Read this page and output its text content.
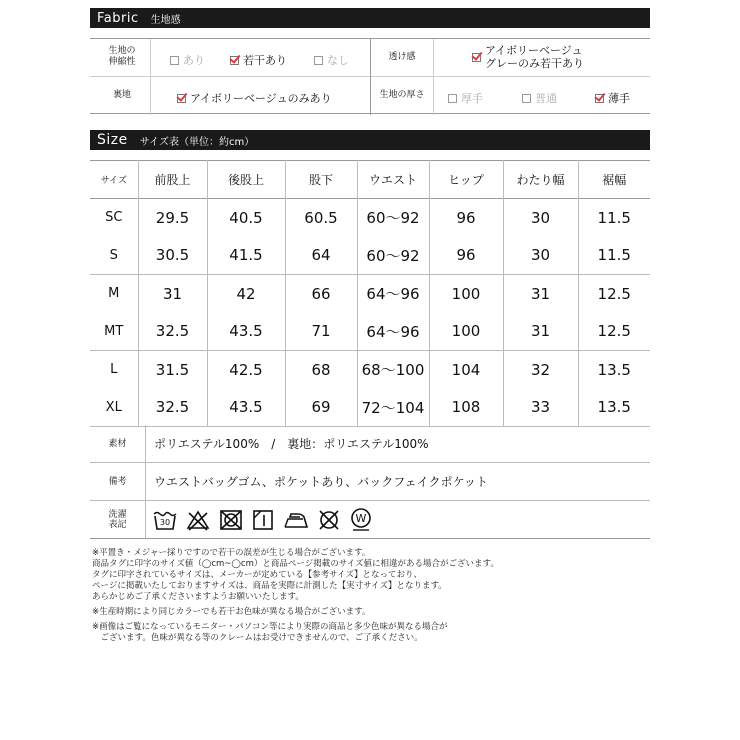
Fabric 生地感
生地の
伸縮性	あり	若干あり	なし	透け感	アイボリーベージュ
グレーのみ若干あり
裏地	アイボリーベージュのみあり	生地の厚さ	厚手	普通	薄手
Size サイズ表（単位：約cm）
サイズ	前股上	後股上	股下	ウエスト	ヒップ	わたり幅	裾幅
SC	29.5	40.5	60.5	60～92	96	30	11.5
S	30.5	41.5	64	60～92	96	30	11.5
M	31	42	66	64～96	100	31	12.5
MT	32.5	43.5	71	64～96	100	31	12.5
L	31.5	42.5	68	68～100	104	32	13.5
XL	32.5	43.5	69	72～104	108	33	13.5
素材	ポリエステル100%　/　裏地：ポリエステル100%
備考	ウエストバッグゴム、ポケットあり、バックフェイクポケット
洗濯
表記	30	W

※平置き・メジャー採りですので若干の誤差が生じる場合がございます。

商品タグに印字のサイズ値（◯cm~◯cm）と商品ページ掲載のサイズ値に相違がある場合がございます。

タグに印字されているサイズは、メーカーが定めている【参考サイズ】となっており、

ページに掲載いたしておりますサイズは、商品を実際に計測した【実寸サイズ】となります。

あらかじめご了承くださいますようお願いいたします。

※生産時期により同じカラーでも若干お色味が異なる場合がございます。

※画像はご覧になっているモニター・パソコン等により実際の商品と多少色味が異なる場合が

　ございます。色味が異なる等のクレームはお受けできませんので、ご了承ください。
